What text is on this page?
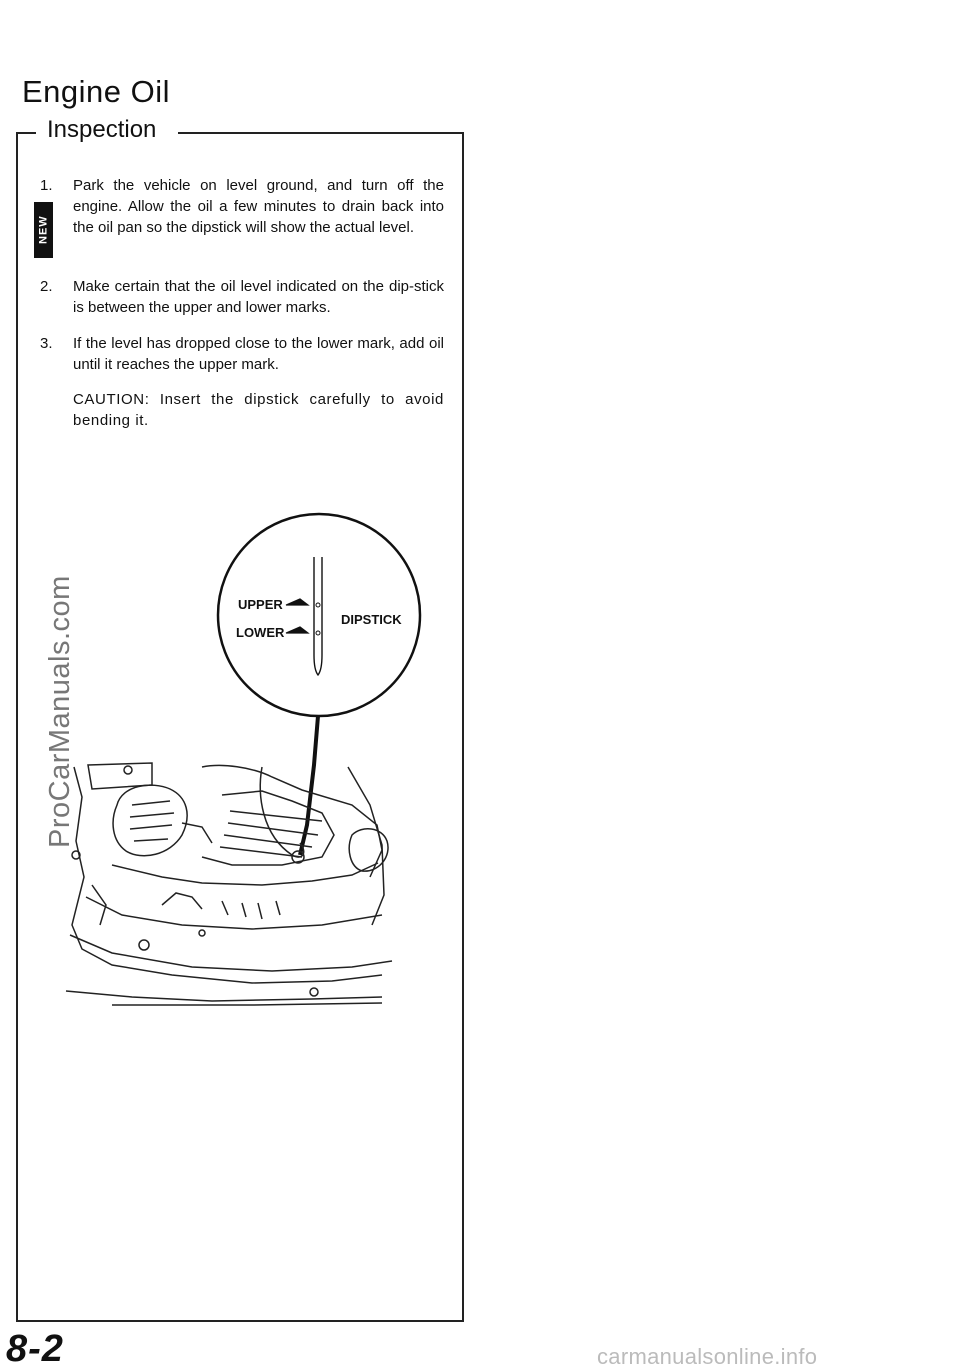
Engine Oil
Inspection
NEW
1. Park the vehicle on level ground, and turn off the engine. Allow the oil a few minutes to drain back into the oil pan so the dipstick will show the actual level.
2. Make certain that the oil level indicated on the dip-stick is between the upper and lower marks.
3. If the level has dropped close to the lower mark, add oil until it reaches the upper mark.
CAUTION: Insert the dipstick carefully to avoid bending it.
UPPER
LOWER
DIPSTICK
ProCarManuals.com
8-2	carmanualsonline.info
